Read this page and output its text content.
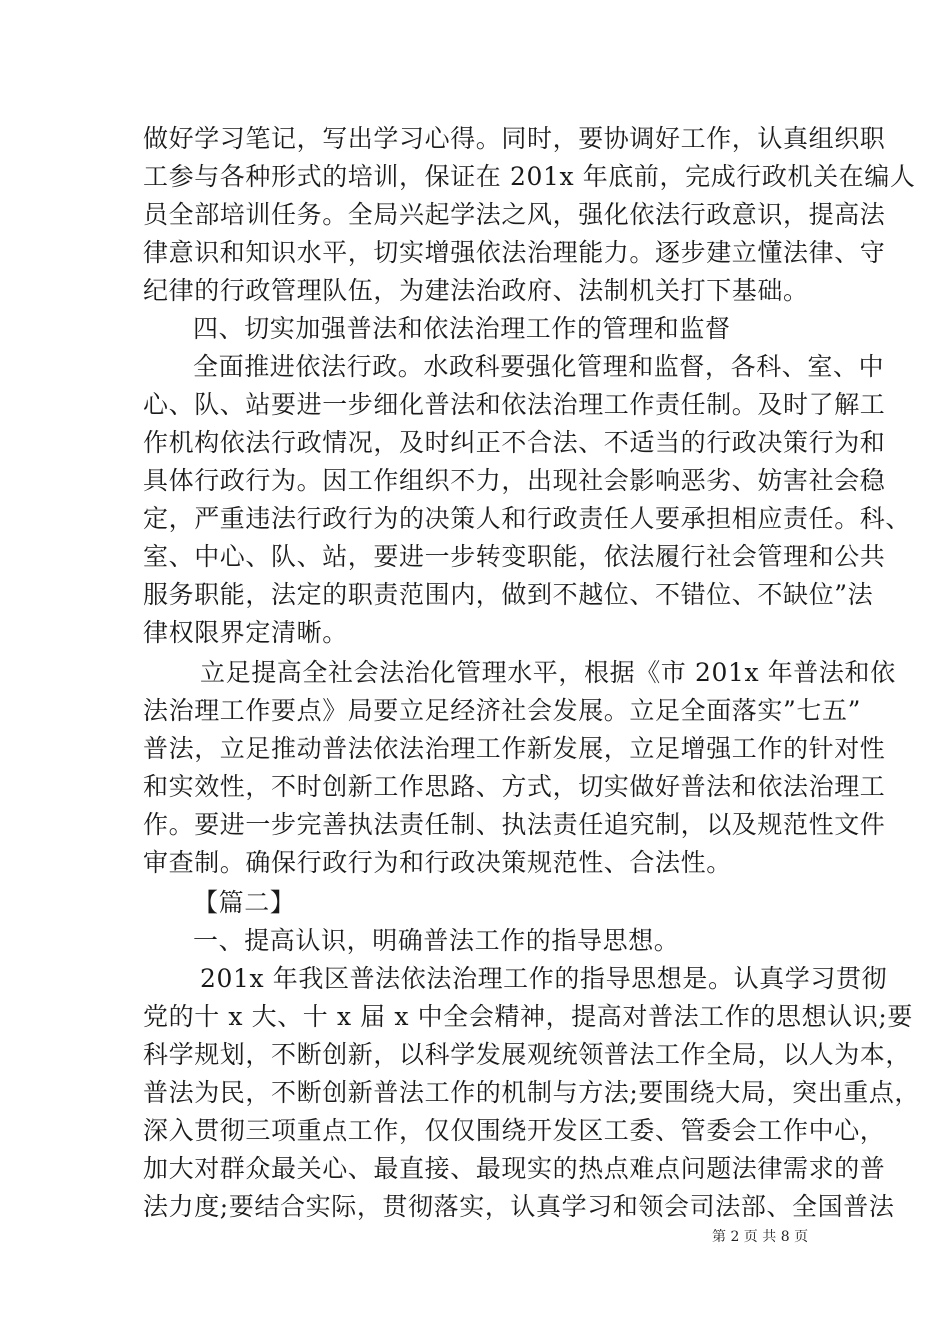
做好学习笔记，写出学习心得。同时，要协调好工作，认真组织职
工参与各种形式的培训，保证在 201x 年底前，完成行政机关在编人
员全部培训任务。全局兴起学法之风，强化依法行政意识，提高法
律意识和知识水平，切实增强依法治理能力。逐步建立懂法律、守
纪律的行政管理队伍，为建法治政府、法制机关打下基础。
四、切实加强普法和依法治理工作的管理和监督
全面推进依法行政。水政科要强化管理和监督，各科、室、中
心、队、站要进一步细化普法和依法治理工作责任制。及时了解工
作机构依法行政情况，及时纠正不合法、不适当的行政决策行为和
具体行政行为。因工作组织不力，出现社会影响恶劣、妨害社会稳
定，严重违法行政行为的决策人和行政责任人要承担相应责任。科、
室、中心、队、站，要进一步转变职能，依法履行社会管理和公共
服务职能，法定的职责范围内，做到不越位、不错位、不缺位”法
律权限界定清晰。
立足提高全社会法治化管理水平，根据《市 201x 年普法和依
法治理工作要点》局要立足经济社会发展。立足全面落实”七五”
普法，立足推动普法依法治理工作新发展，立足增强工作的针对性
和实效性，不时创新工作思路、方式，切实做好普法和依法治理工
作。要进一步完善执法责任制、执法责任追究制，以及规范性文件
审查制。确保行政行为和行政决策规范性、合法性。
【篇二】
一、提高认识，明确普法工作的指导思想。
201x 年我区普法依法治理工作的指导思想是。认真学习贯彻
党的十 x 大、十 x 届 x 中全会精神，提高对普法工作的思想认识;要
科学规划，不断创新，以科学发展观统领普法工作全局，以人为本，
普法为民，不断创新普法工作的机制与方法;要围绕大局，突出重点，
深入贯彻三项重点工作，仅仅围绕开发区工委、管委会工作中心，
加大对群众最关心、最直接、最现实的热点难点问题法律需求的普
法力度;要结合实际，贯彻落实，认真学习和领会司法部、全国普法
第 2 页 共 8 页
